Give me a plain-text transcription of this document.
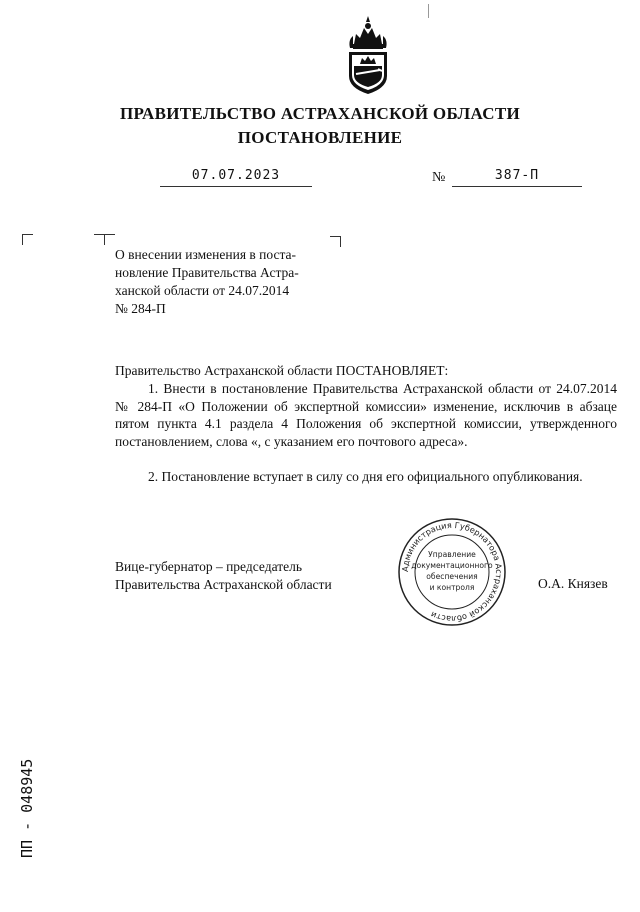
ПРАВИТЕЛЬСТВО АСТРАХАНСКОЙ ОБЛАСТИ
ПОСТАНОВЛЕНИЕ
07.07.2023	№	387-П
О внесении изменения в поста-
новление Правительства Астра-
ханской области от 24.07.2014
№ 284-П
Правительство Астраханской области ПОСТАНОВЛЯЕТ:
1. Внести в постановление Правительства Астраханской области от 24.07.2014 № 284-П «О Положении об экспертной комиссии» изменение, исключив в абзаце пятом пункта 4.1 раздела 4 Положения об экспертной комиссии, утвержденного постановлением, слова «, с указанием его почтового адреса».
2. Постановление вступает в силу со дня его официального опубликования.
Вице-губернатор – председатель
Правительства Астраханской области	О.А. Князев
Администрация Губернатора Астраханской области
Управление
документационного
обеспечения
и контроля
ПП - 048945
